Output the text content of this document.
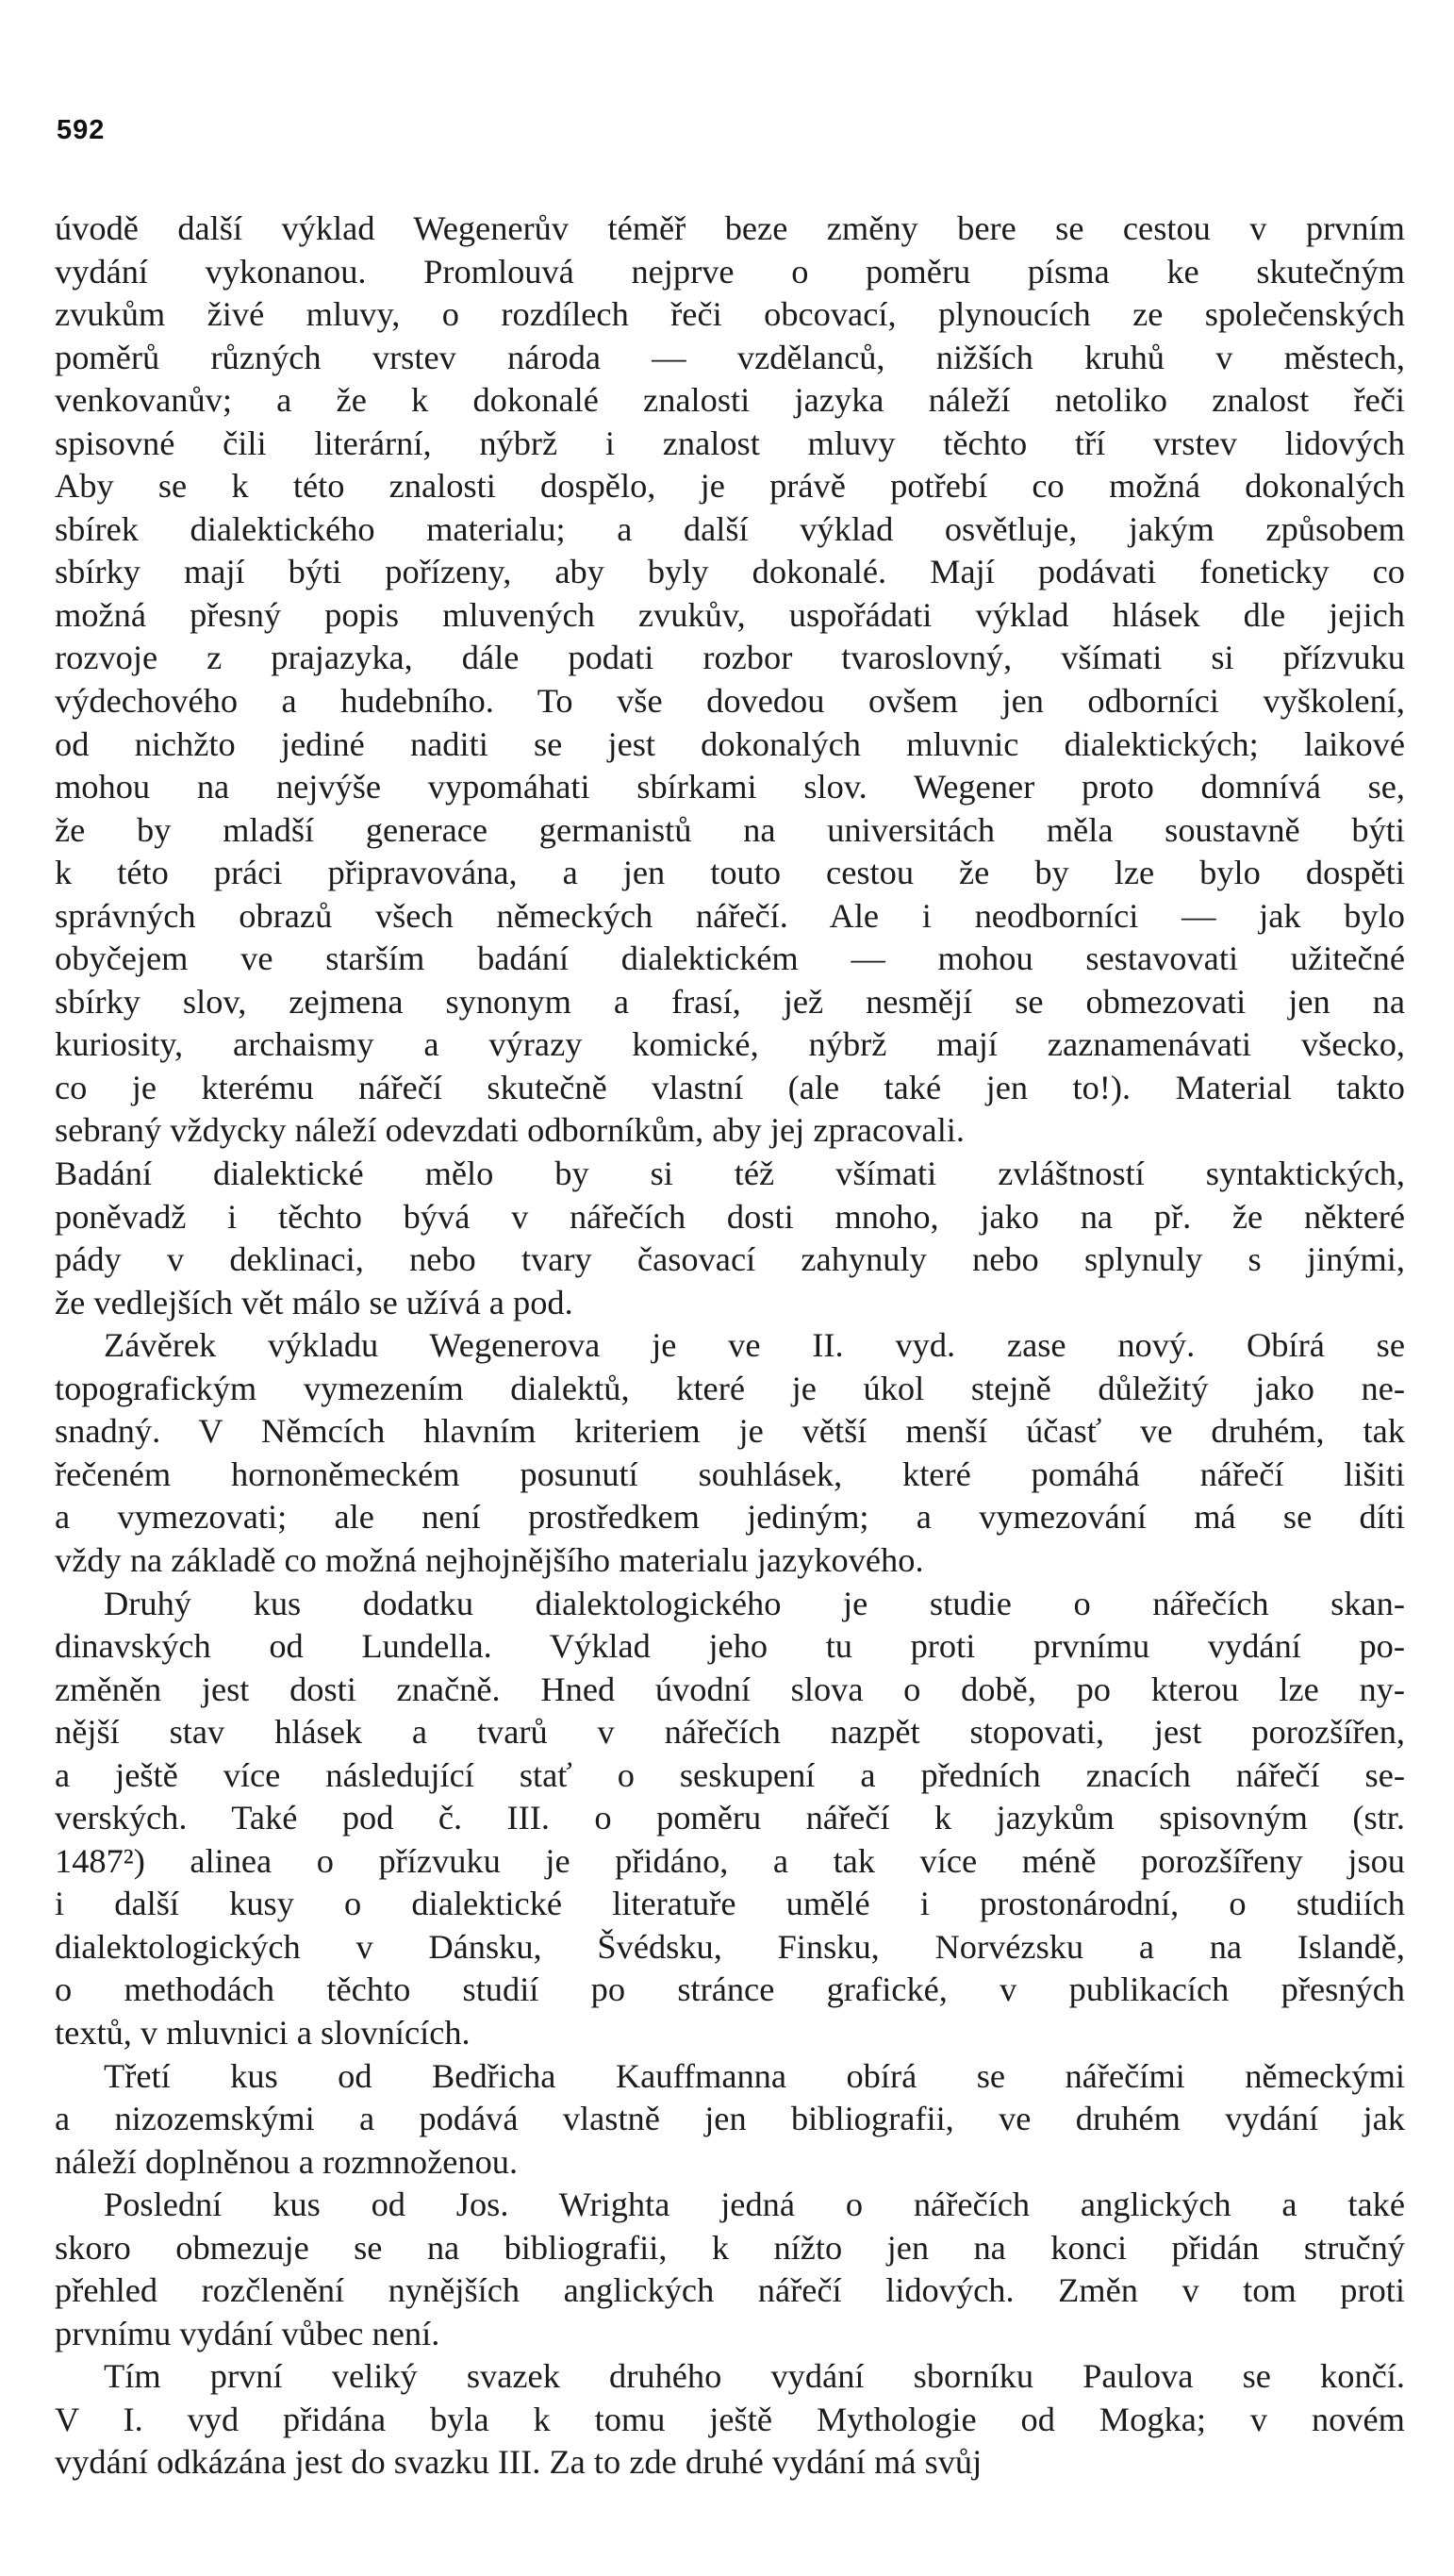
592
úvodě další výklad Wegenerův téměř beze změny bere se cestou v prvním
vydání vykonanou. Promlouvá nejprve o poměru písma ke skutečným
zvukům živé mluvy, o rozdílech řeči obcovací, plynoucích ze společenských
poměrů různých vrstev národa — vzdělanců, nižších kruhů v městech,
venkovanův; a že k dokonalé znalosti jazyka náleží netoliko znalost řeči
spisovné čili literární, nýbrž i znalost mluvy těchto tří vrstev lidových
Aby se k této znalosti dospělo, je právě potřebí co možná dokonalých
sbírek dialektického materialu; a další výklad osvětluje, jakým způsobem
sbírky mají býti pořízeny, aby byly dokonalé. Mají podávati foneticky co
možná přesný popis mluvených zvukův, uspořádati výklad hlásek dle jejich
rozvoje z prajazyka, dále podati rozbor tvaroslovný, všímati si přízvuku
výdechového a hudebního. To vše dovedou ovšem jen odborníci vyškolení,
od nichžto jediné naditi se jest dokonalých mluvnic dialektických; laikové
mohou na nejvýše vypomáhati sbírkami slov. Wegener proto domnívá se,
že by mladší generace germanistů na universitách měla soustavně býti
k této práci připravována, a jen touto cestou že by lze bylo dospěti
správných obrazů všech německých nářečí. Ale i neodborníci — jak bylo
obyčejem ve starším badání dialektickém — mohou sestavovati užitečné
sbírky slov, zejmena synonym a frasí, jež nesmějí se obmezovati jen na
kuriosity, archaismy a výrazy komické, nýbrž mají zaznamenávati všecko,
co je kterému nářečí skutečně vlastní (ale také jen to!). Material takto
sebraný vždycky náleží odevzdati odborníkům, aby jej zpracovali.
Badání dialektické mělo by si též všímati zvláštností syntaktických,
poněvadž i těchto bývá v nářečích dosti mnoho, jako na př. že některé
pády v deklinaci, nebo tvary časovací zahynuly nebo splynuly s jinými,
že vedlejších vět málo se užívá a pod.
Závěrek výkladu Wegenerova je ve II. vyd. zase nový. Obírá se
topografickým vymezením dialektů, které je úkol stejně důležitý jako ne-
snadný. V Němcích hlavním kriteriem je větší menší účasť ve druhém, tak
řečeném hornoněmeckém posunutí souhlásek, které pomáhá nářečí lišiti
a vymezovati; ale není prostředkem jediným; a vymezování má se díti
vždy na základě co možná nejhojnějšího materialu jazykového.
Druhý kus dodatku dialektologického je studie o nářečích skan-
dinavských od Lundella. Výklad jeho tu proti prvnímu vydání po-
změněn jest dosti značně. Hned úvodní slova o době, po kterou lze ny-
nější stav hlásek a tvarů v nářečích nazpět stopovati, jest porozšířen,
a ještě více následující stať o seskupení a předních znacích nářečí se-
verských. Také pod č. III. o poměru nářečí k jazykům spisovným (str.
1487²) alinea o přízvuku je přidáno, a tak více méně porozšířeny jsou
i další kusy o dialektické literatuře umělé i prostonárodní, o studiích
dialektologických v Dánsku, Švédsku, Finsku, Norvézsku a na Islandě,
o methodách těchto studií po stránce grafické, v publikacích přesných
textů, v mluvnici a slovnících.
Třetí kus od Bedřicha Kauffmanna obírá se nářečími německými
a nizozemskými a podává vlastně jen bibliografii, ve druhém vydání jak
náleží doplněnou a rozmnoženou.
Poslední kus od Jos. Wrighta jedná o nářečích anglických a také
skoro obmezuje se na bibliografii, k nížto jen na konci přidán stručný
přehled rozčlenění nynějších anglických nářečí lidových. Změn v tom proti
prvnímu vydání vůbec není.
Tím první veliký svazek druhého vydání sborníku Paulova se končí.
V I. vyd přidána byla k tomu ještě Mythologie od Mogka; v novém
vydání odkázána jest do svazku III. Za to zde druhé vydání má svůj
